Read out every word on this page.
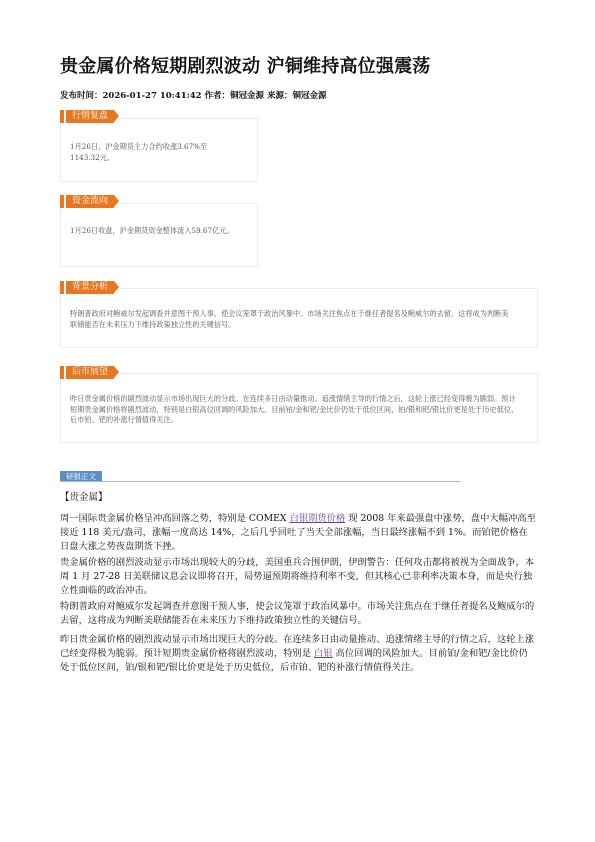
贵金属价格短期剧烈波动 沪铜维持高位强震荡
发布时间：2026-01-27 10:41:42 作者：铜冠金源 来源：铜冠金源
行情复盘
1月26日，沪金期货主力合约收涨3.67%至1143.32元。
资金流向
1月26日收盘，沪金期货资金整体流入59.67亿元。
背景分析
特朗普政府对鲍威尔发起调查并意图干预人事，使会议笼罩于政治风暴中。市场关注焦点在于继任者提名及鲍威尔的去留，这将成为判断美联储能否在未来压力下维持政策独立性的关键信号。
后市展望
昨日贵金属价格的剧烈波动显示市场出现巨大的分歧。在连续多日由动量推动、追涨情绪主导的行情之后，这轮上涨已经变得极为脆弱。预计短期贵金属价格将剧烈波动，特别是白银高位回调的风险加大。目前铂/金和钯/金比价仍处于低位区间，铂/银和钯/银比价更是处于历史低位，后市铂、钯的补涨行情值得关注。
研报正文
【贵金属】
周一国际贵金属价格呈冲高回落之势，特别是 COMEX 白银期货价格 现 2008 年来最强盘中涨势，盘中大幅冲高至接近 118 美元/盎司，涨幅一度高达 14%，之后几乎回吐了当天全部涨幅，当日最终涨幅不到 1%。而铂钯价格在日盘大涨之势夜盘期货下挫。
贵金属价格的剧烈波动显示市场出现较大的分歧，美国重兵合围伊朗，伊朗警告：任何攻击都将被视为全面战争，本周 1 月 27-28 日美联储议息会议即将召开，局势逼预期将维持利率不变，但其核心已非利率决策本身，而是央行独立性面临的政治冲击。
特朗普政府对鲍威尔发起调查并意图干预人事，使会议笼罩于政治风暴中。市场关注焦点在于继任者提名及鲍威尔的去留，这将成为判断美联储能否在未来压力下维持政策独立性的关键信号。
昨日贵金属价格的剧烈波动显示市场出现巨大的分歧。在连续多日由动量推动、追涨情绪主导的行情之后，这轮上涨已经变得极为脆弱。预计短期贵金属价格将剧烈波动，特别是 白银 高位回调的风险加大。目前铂/金和钯/金比价仍处于低位区间，铂/银和钯/银比价更是处于历史低位，后市铂、钯的补涨行情值得关注。
